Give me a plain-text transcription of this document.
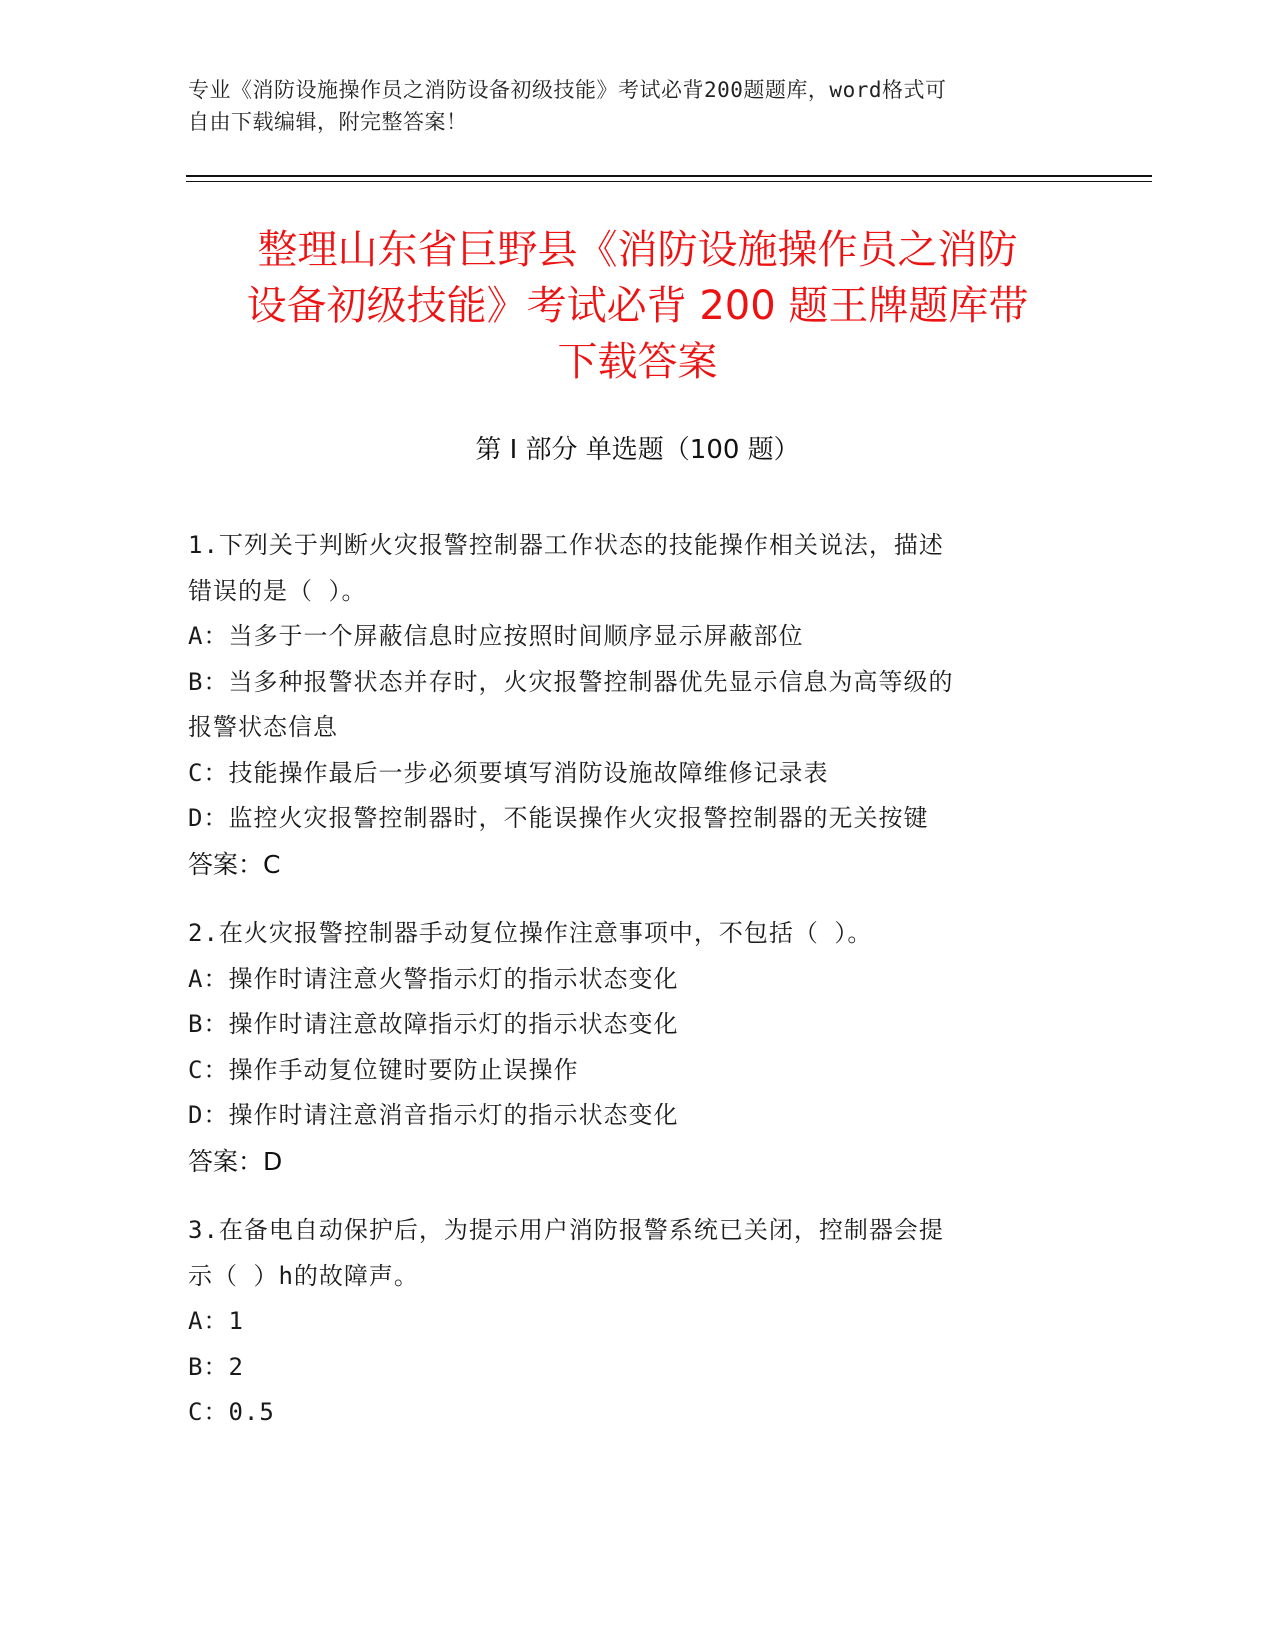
专业《消防设施操作员之消防设备初级技能》考试必背200题题库，word格式可
自由下载编辑，附完整答案！
整理山东省巨野县《消防设施操作员之消防
设备初级技能》考试必背 200 题王牌题库带
下载答案
第 I 部分 单选题（100 题）

1.下列关于判断火灾报警控制器工作状态的技能操作相关说法，描述

错误的是（ ）。

A：当多于一个屏蔽信息时应按照时间顺序显示屏蔽部位

B：当多种报警状态并存时，火灾报警控制器优先显示信息为高等级的

报警状态信息

C：技能操作最后一步必须要填写消防设施故障维修记录表

D：监控火灾报警控制器时，不能误操作火灾报警控制器的无关按键

答案：C

2.在火灾报警控制器手动复位操作注意事项中，不包括（ ）。

A：操作时请注意火警指示灯的指示状态变化

B：操作时请注意故障指示灯的指示状态变化

C：操作手动复位键时要防止误操作

D：操作时请注意消音指示灯的指示状态变化

答案：D

3.在备电自动保护后，为提示用户消防报警系统已关闭，控制器会提

示（ ）h的故障声。

A：1

B：2

C：0.5
